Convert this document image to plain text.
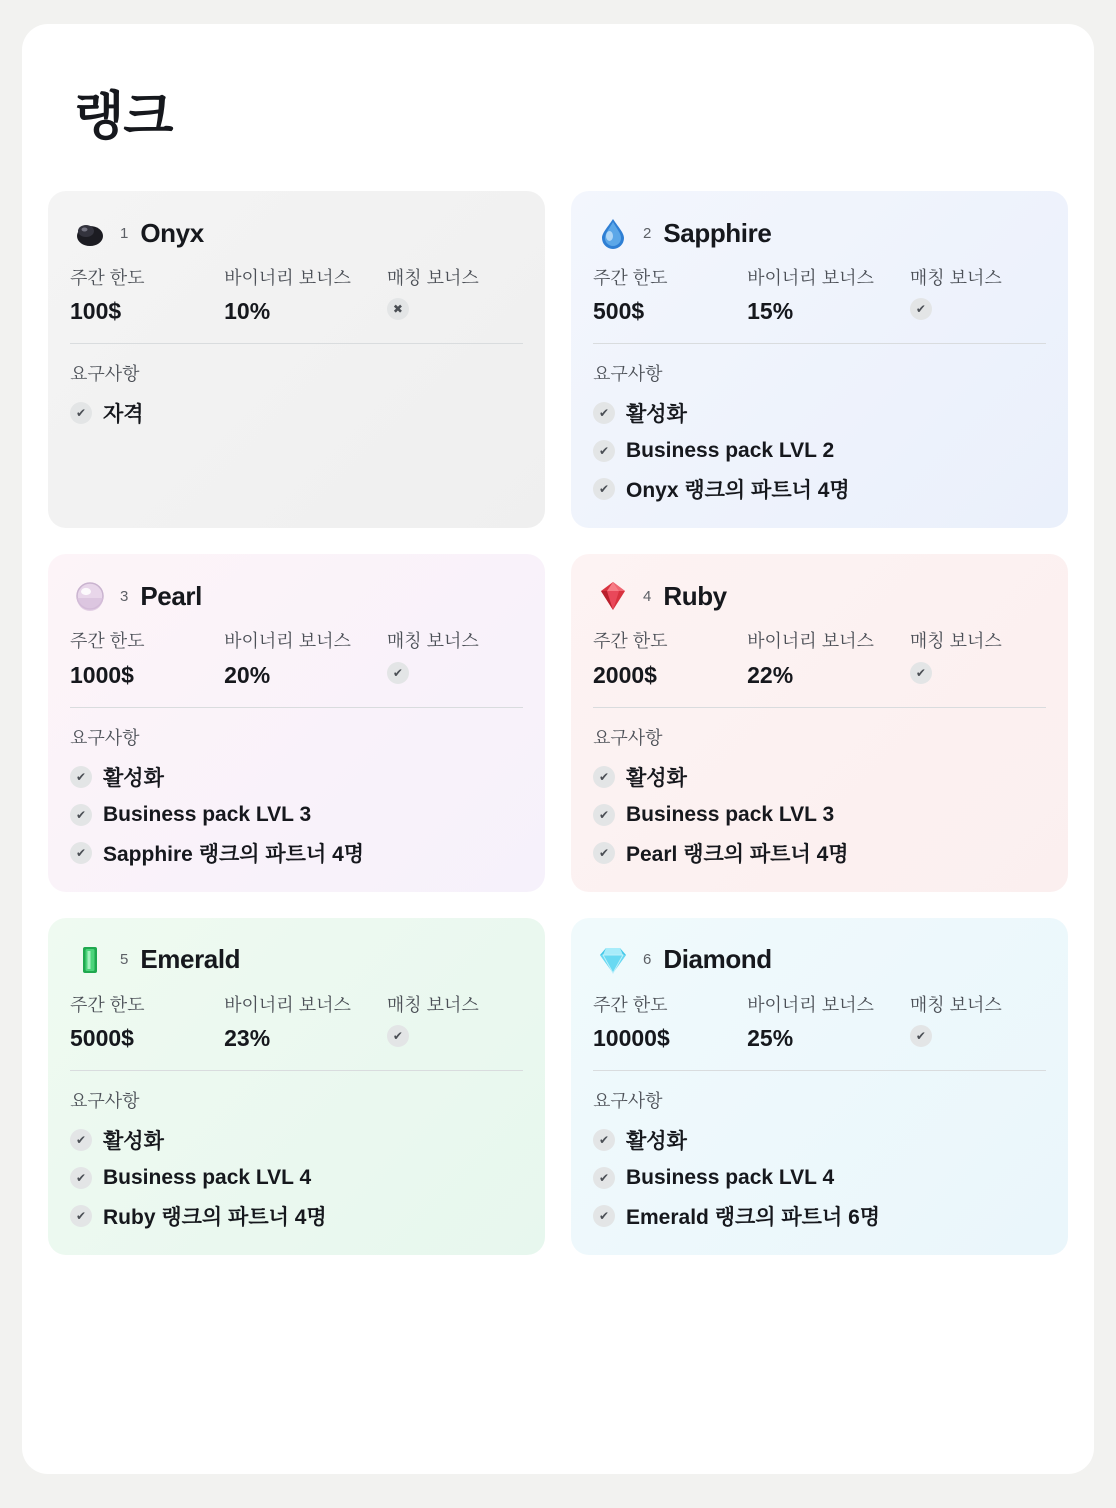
랭크
1 Onyx
주간 한도
100$
바이너리 보너스
10%
매칭 보너스
✖
요구사항
✔ 자격
2 Sapphire
주간 한도
500$
바이너리 보너스
15%
매칭 보너스
✔
요구사항
✔ 활성화
✔ Business pack LVL 2
✔ Onyx 랭크의 파트너 4명
3 Pearl
주간 한도
1000$
바이너리 보너스
20%
매칭 보너스
✔
요구사항
✔ 활성화
✔ Business pack LVL 3
✔ Sapphire 랭크의 파트너 4명
4 Ruby
주간 한도
2000$
바이너리 보너스
22%
매칭 보너스
✔
요구사항
✔ 활성화
✔ Business pack LVL 3
✔ Pearl 랭크의 파트너 4명
5 Emerald
주간 한도
5000$
바이너리 보너스
23%
매칭 보너스
✔
요구사항
✔ 활성화
✔ Business pack LVL 4
✔ Ruby 랭크의 파트너 4명
6 Diamond
주간 한도
10000$
바이너리 보너스
25%
매칭 보너스
✔
요구사항
✔ 활성화
✔ Business pack LVL 4
✔ Emerald 랭크의 파트너 6명
